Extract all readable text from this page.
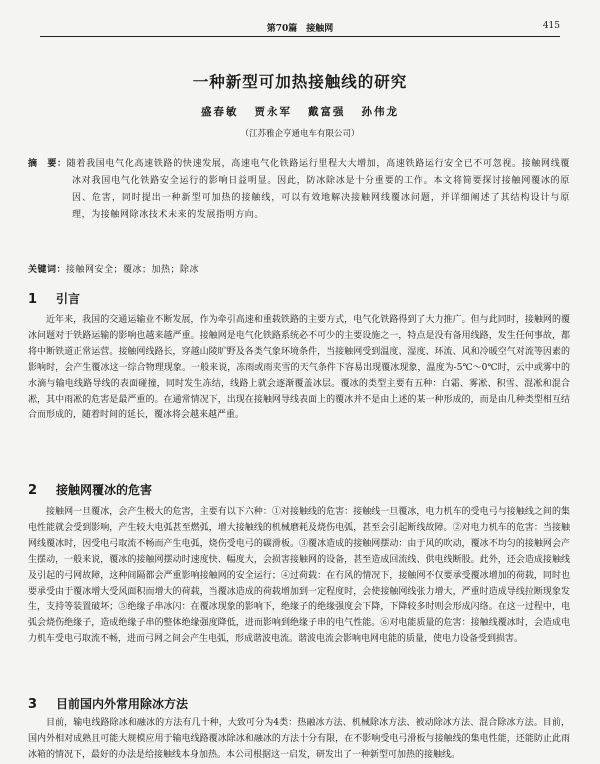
第70篇　接触网	415
一种新型可加热接触线的研究
盛春敏 贾永军 戴富强 孙伟龙
（江苏雅企亨通电车有限公司）
摘　要：随着我国电气化高速铁路的快速发展，高速电气化铁路运行里程大大增加，高速铁路运行安全已不可忽视。接触网线覆冰对我国电气化铁路安全运行的影响日益明显。因此，防冰除冰是十分重要的工作。本文将简要探讨接触网覆冰的原因、危害，同时提出一种新型可加热的接触线，可以有效地解决接触网线覆冰问题，并详细阐述了其结构设计与原理，为接触网除冰技术未来的发展指明方向。
关键词：接触网安全；覆冰；加热；除冰
1 引言
近年来，我国的交通运输业不断发展，作为牵引高速和重载铁路的主要方式，电气化铁路得到了大力推广。但与此同时，接触网的覆冰问题对于铁路运输的影响也越来越严重。接触网是电气化铁路系统必不可少的主要设施之一，特点是没有备用线路，发生任何事故，都将中断铁道正常运营。接触网线路长，穿越山陵旷野及各类气象环境条件，当接触网受到温度、湿度、环流、风和冷暖空气对流等因素的影响时，会产生覆冰这一综合物理现象。一般来说，冻雨或雨夹雪的天气条件下容易出现覆冰现象，温度为-5℃～0℃时，云中或雾中的水滴与输电线路导线的表面碰撞，同时发生冻结，线路上就会逐渐覆盖冰层。覆冰的类型主要有五种：白霜、雾凇、积雪、混凇和混合凇，其中雨凇的危害是最严重的。在通常情况下，出现在接触网导线表面上的覆冰并不是由上述的某一种形成的，而是由几种类型相互结合而形成的，随着时间的延长，覆冰将会越来越严重。
2 接触网覆冰的危害
接触网一旦覆冰，会产生极大的危害，主要有以下六种：①对接触线的危害：接触线一旦覆冰，电力机车的受电弓与接触线之间的集电性能就会受到影响，产生较大电弧甚至燃弧，增大接触线的机械磨耗及烧伤电弧，甚至会引起断线故障。②对电力机车的危害：当接触网线覆冰时，因受电弓取流不畅而产生电弧，烧伤受电弓的碳滑板。③覆冰造成的接触网摆动：由于风的吹动，覆冰不均匀的接触网会产生摆动，一般来说，覆冰的接触网摆动时速度快、幅度大，会损害接触网的设备，甚至造成回流线、供电线断股。此外，还会造成接触线及引起的弓网故障，这种间隔都会严重影响接触网的安全运行；④过荷载：在冇风的情况下，接触网不仅要承受覆冰增加的荷载，同时也要承受由于覆冰增大受风面积而增大的荷载，当覆冰造成的荷载增加到一定程度时，会使接触网线张力增大，严重时造成导线拉断现象发生，支持等装置破坏；⑤绝缘子串冰闪：在覆冰现象的影响下，绝缘子的绝缘强度会下降，下降较多时则会形成闪络。在这一过程中，电弧会烧伤绝缘子，造成绝缘子串的整体绝缘强度降低，进而影响到绝缘子串的电气性能。⑥对电能质量的危害：接触线覆冰时，会造成电力机车受电弓取流不畅，进而弓网之间会产生电弧，形成谐波电流。谐波电流会影响电网电能的质量，使电力设备受到损害。
3 目前国内外常用除冰方法
目前，输电线路除冰和融冰的方法有几十种，大致可分为4类：热融冰方法、机械除冰方法、被动除冰方法、混合除冰方法。目前，国内外相对成熟且可能大规模应用于输电线路覆冰除冰和融冰的方法十分有限，在不影响受电弓滑板与接触线的集电性能，还能防止此雨冰箱的情况下，最好的办法是给接触线本身加热。本公司根据这一启发，研发出了一种新型可加热的接触线。
